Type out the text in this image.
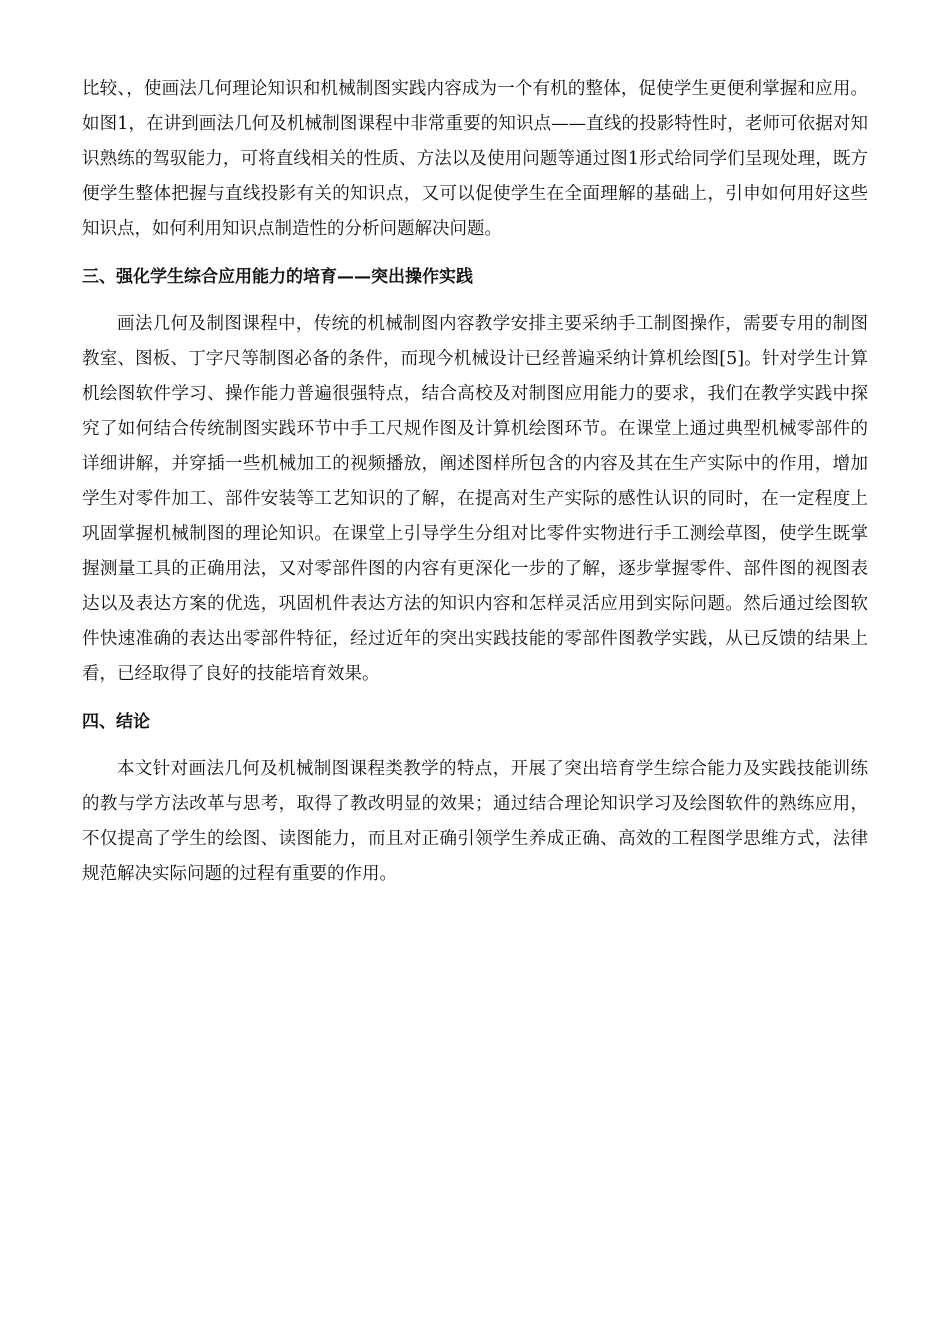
比较、，使画法几何理论知识和机械制图实践内容成为一个有机的整体，促使学生更便利掌握和应用。如图1，在讲到画法几何及机械制图课程中非常重要的知识点——直线的投影特性时，老师可依据对知识熟练的驾驭能力，可将直线相关的性质、方法以及使用问题等通过图1形式给同学们呈现处理，既方便学生整体把握与直线投影有关的知识点，又可以促使学生在全面理解的基础上，引申如何用好这些知识点，如何利用知识点制造性的分析问题解决问题。

三、强化学生综合应用能力的培育——突出操作实践

画法几何及制图课程中，传统的机械制图内容教学安排主要采纳手工制图操作，需要专用的制图教室、图板、丁字尺等制图必备的条件，而现今机械设计已经普遍采纳计算机绘图[5]。针对学生计算机绘图软件学习、操作能力普遍很强特点，结合高校及对制图应用能力的要求，我们在教学实践中探究了如何结合传统制图实践环节中手工尺规作图及计算机绘图环节。在课堂上通过典型机械零部件的详细讲解，并穿插一些机械加工的视频播放，阐述图样所包含的内容及其在生产实际中的作用，增加学生对零件加工、部件安装等工艺知识的了解，在提高对生产实际的感性认识的同时，在一定程度上巩固掌握机械制图的理论知识。在课堂上引导学生分组对比零件实物进行手工测绘草图，使学生既掌握测量工具的正确用法，又对零部件图的内容有更深化一步的了解，逐步掌握零件、部件图的视图表达以及表达方案的优选，巩固机件表达方法的知识内容和怎样灵活应用到实际问题。然后通过绘图软件快速准确的表达出零部件特征，经过近年的突出实践技能的零部件图教学实践，从已反馈的结果上看，已经取得了良好的技能培育效果。

四、结论

本文针对画法几何及机械制图课程类教学的特点，开展了突出培育学生综合能力及实践技能训练的教与学方法改革与思考，取得了教改明显的效果；通过结合理论知识学习及绘图软件的熟练应用，不仅提高了学生的绘图、读图能力，而且对正确引领学生养成正确、高效的工程图学思维方式，法律规范解决实际问题的过程有重要的作用。
